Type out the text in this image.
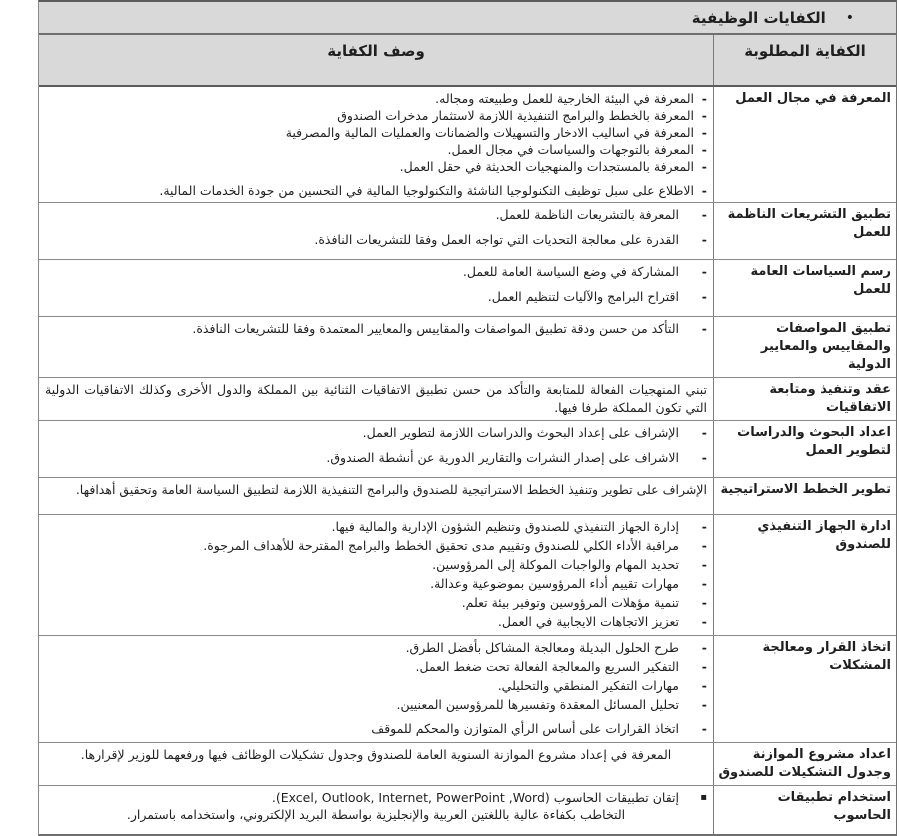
•
الكفايات الوظيفية
الكفاية المطلوبة
وصف الكفاية
المعرفة في مجال العمل
-
المعرفة في البيئة الخارجية للعمل وطبيعته ومجاله.
-
المعرفة بالخطط والبرامج التنفيذية اللازمة لاستثمار مدخرات الصندوق
-
المعرفة في اساليب الادخار والتسهيلات والضمانات والعمليات المالية والمصرفية
-
المعرفة بالتوجهات والسياسات في مجال العمل.
-
المعرفة بالمستجدات والمنهجيات الحديثة في حقل العمل.
-
الاطلاع على سبل توظيف التكنولوجيا الناشئة والتكنولوجيا المالية في التحسين من جودة الخدمات المالية.
تطبيق التشريعات الناظمة للعمل
-
المعرفة بالتشريعات الناظمة للعمل.
-
القدرة على معالجة التحديات التي تواجه العمل وفقا للتشريعات النافذة.
رسم السياسات العامة للعمل
-
المشاركة في وضع السياسة العامة للعمل.
-
اقتراح البرامج والآليات لتنظيم العمل.
تطبيق المواصفات والمقاييس والمعايير الدولية
-
التأكد من حسن ودقة تطبيق المواصفات والمقاييس والمعايير المعتمدة وفقا للتشريعات النافذة.
عقد وتنفيذ ومتابعة الاتفاقيات
تبني المنهجيات الفعالة للمتابعة والتأكد من حسن تطبيق الاتفاقيات الثنائية بين المملكة والدول الأخرى وكذلك الاتفاقيات الدولية التي تكون المملكة طرفا فيها.
اعداد البحوث والدراسات لتطوير العمل
-
الإشراف على إعداد البحوث والدراسات اللازمة لتطوير العمل.
-
الاشراف على إصدار النشرات والتقارير الدورية عن أنشطة الصندوق.
تطوير الخطط الاستراتيجية
الإشراف على تطوير وتنفيذ الخطط الاستراتيجية للصندوق والبرامج التنفيذية اللازمة لتطبيق السياسة العامة وتحقيق أهدافها.
ادارة الجهاز التنفيذي للصندوق
-
إدارة الجهاز التنفيذي للصندوق وتنظيم الشؤون الإدارية والمالية فيها.
-
مراقبة الأداء الكلي للصندوق وتقييم مدى تحقيق الخطط والبرامج المقترحة للأهداف المرجوة.
-
تحديد المهام والواجبات الموكلة إلى المرؤوسين.
-
مهارات تقييم أداء المرؤوسين بموضوعية وعدالة.
-
تنمية مؤهلات المرؤوسين وتوفير بيئة تعلم.
-
تعزيز الاتجاهات الايجابية في العمل.
اتخاذ القرار ومعالجة المشكلات
-
طرح الحلول البديلة ومعالجة المشاكل بأفضل الطرق.
-
التفكير السريع والمعالجة الفعالة تحت ضغط العمل.
-
مهارات التفكير المنطقي والتحليلي.
-
تحليل المسائل المعقدة وتفسيرها للمرؤوسين المعنيين.
-
اتخاذ القرارات على أساس الرأي المتوازن والمحكم للموقف
اعداد مشروع الموازنة وجدول التشكيلات للصندوق
المعرفة في إعداد مشروع الموازنة السنوية العامة للصندوق وجدول تشكيلات الوظائف فيها ورفعهما للوزير لإقرارها.
استخدام تطبيقات الحاسوب
▪
إتقان تطبيقات الحاسوب (Excel, Outlook, Internet, PowerPoint ,Word).
التخاطب بكفاءة عالية باللغتين العربية والإنجليزية بواسطة البريد الإلكتروني، واستخدامه باستمرار.
